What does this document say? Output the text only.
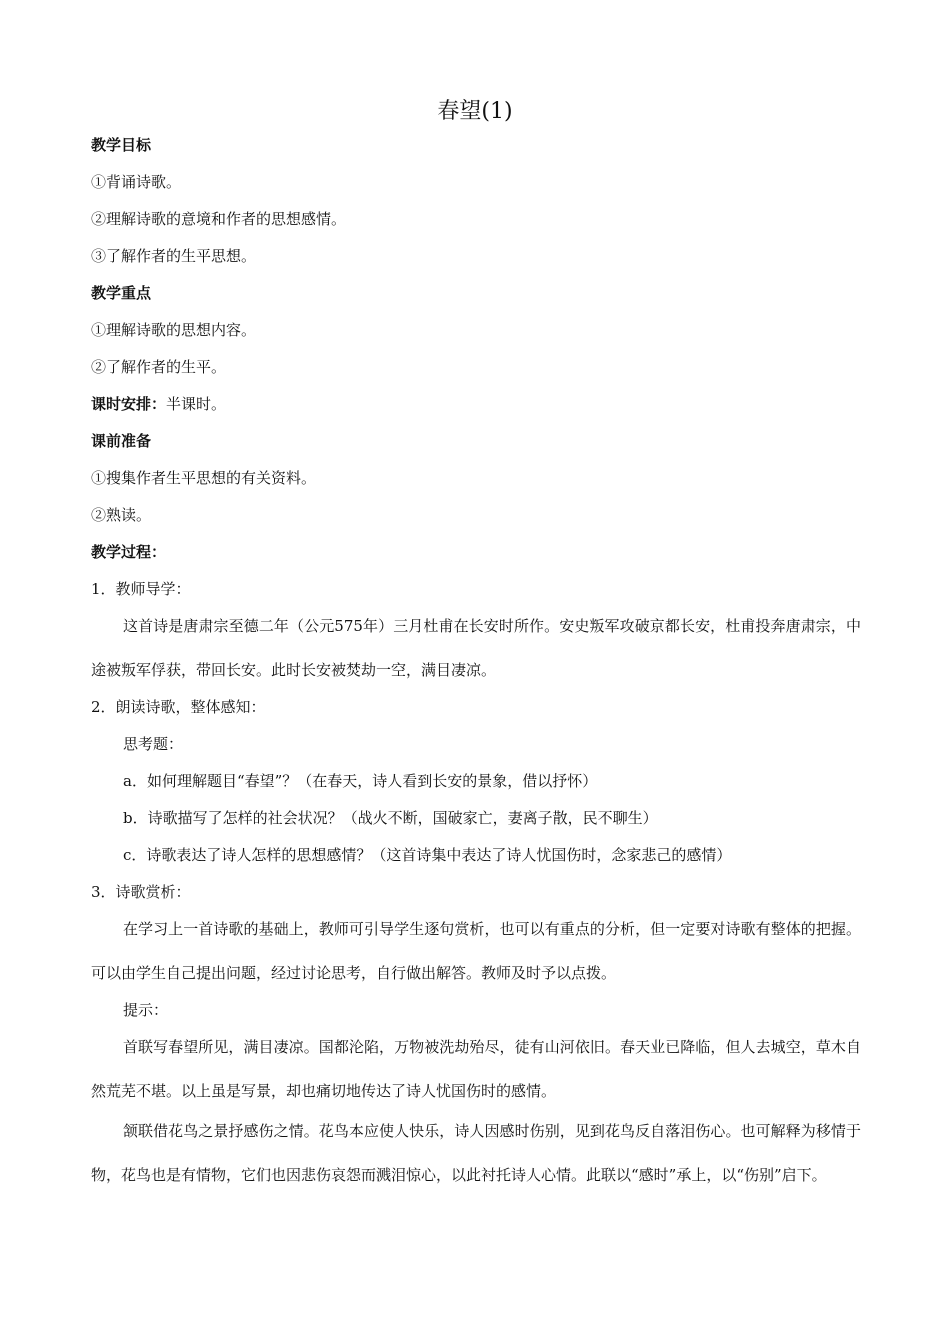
春望(1)
教学目标
①背诵诗歌。
②理解诗歌的意境和作者的思想感情。
③了解作者的生平思想。
教学重点
①理解诗歌的思想内容。
②了解作者的生平。
课时安排：半课时。
课前准备
①搜集作者生平思想的有关资料。
②熟读。
教学过程：
1．教师导学：
这首诗是唐肃宗至德二年（公元575年）三月杜甫在长安时所作。安史叛军攻破京都长安，杜甫投奔唐肃宗，中途被叛军俘获，带回长安。此时长安被焚劫一空，满目凄凉。
2．朗读诗歌，整体感知：
思考题：
a．如何理解题目“春望”？（在春天，诗人看到长安的景象，借以抒怀）
b．诗歌描写了怎样的社会状况？（战火不断，国破家亡，妻离子散，民不聊生）
c．诗歌表达了诗人怎样的思想感情？（这首诗集中表达了诗人忧国伤时，念家悲己的感情）
3．诗歌赏析：
在学习上一首诗歌的基础上，教师可引导学生逐句赏析，也可以有重点的分析，但一定要对诗歌有整体的把握。可以由学生自己提出问题，经过讨论思考，自行做出解答。教师及时予以点拨。
提示：
首联写春望所见，满目凄凉。国都沦陷，万物被洗劫殆尽，徒有山河依旧。春天业已降临，但人去城空，草木自然荒芜不堪。以上虽是写景，却也痛切地传达了诗人忧国伤时的感情。
颔联借花鸟之景抒感伤之情。花鸟本应使人快乐，诗人因感时伤别，见到花鸟反自落泪伤心。也可解释为移情于物，花鸟也是有情物，它们也因悲伤哀怨而溅泪惊心，以此衬托诗人心情。此联以“感时”承上，以“伤别”启下。
